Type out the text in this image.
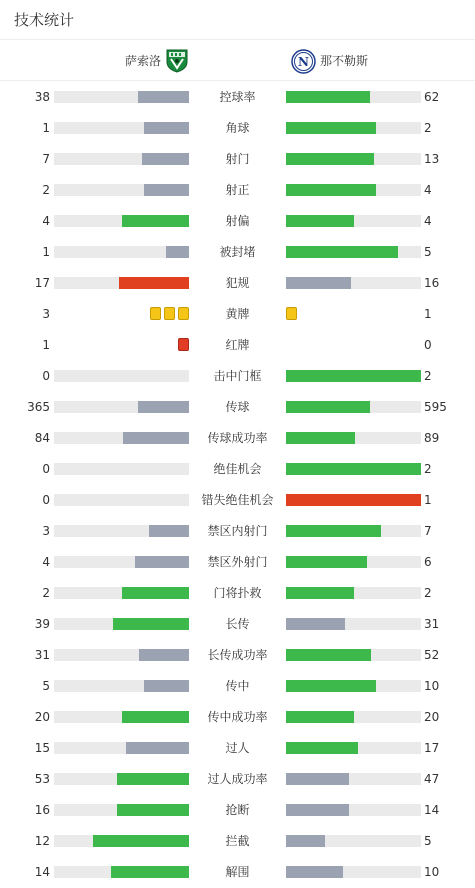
技术统计
萨索洛	N 那不勒斯
38	控球率	62
1	角球	2
7	射门	13
2	射正	4
4	射偏	4
1	被封堵	5
17	犯规	16
3	黄牌	1
1	红牌	0
0	击中门框	2
365	传球	595
84	传球成功率	89
0	绝佳机会	2
0	错失绝佳机会	1
3	禁区内射门	7
4	禁区外射门	6
2	门将扑救	2
39	长传	31
31	长传成功率	52
5	传中	10
20	传中成功率	20
15	过人	17
53	过人成功率	47
16	抢断	14
12	拦截	5
14	解围	10
